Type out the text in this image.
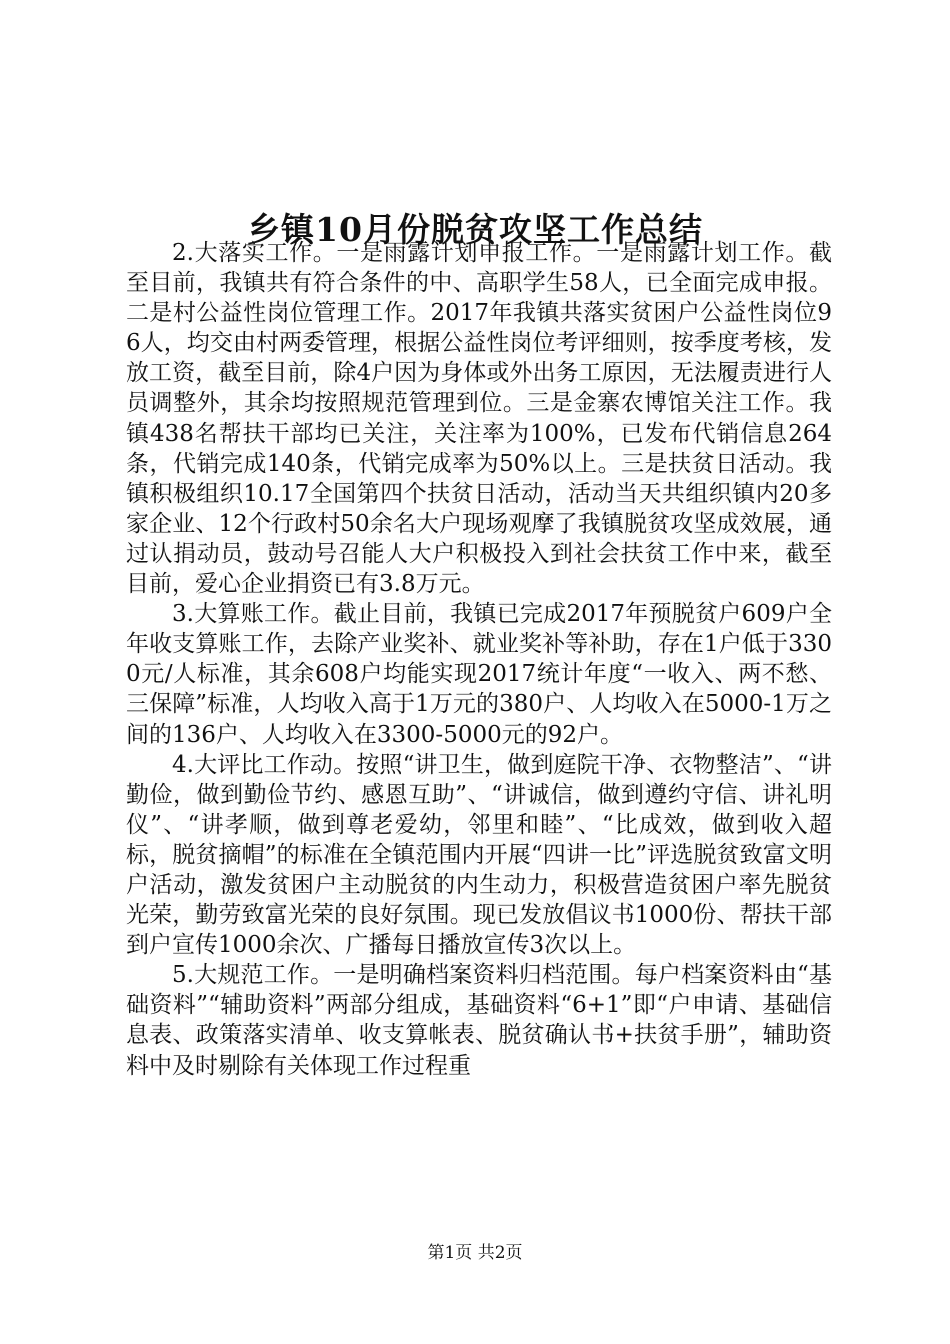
乡镇10月份脱贫攻坚工作总结

2.大落实工作。一是雨露计划申报工作。一是雨露计划工作。截至目前，我镇共有符合条件的中、高职学生58人，已全面完成申报。二是村公益性岗位管理工作。2017年我镇共落实贫困户公益性岗位96人，均交由村两委管理，根据公益性岗位考评细则，按季度考核，发放工资，截至目前，除4户因为身体或外出务工原因，无法履责进行人员调整外，其余均按照规范管理到位。三是金寨农博馆关注工作。我镇438名帮扶干部均已关注，关注率为100%，已发布代销信息264条，代销完成140条，代销完成率为50%以上。三是扶贫日活动。我镇积极组织10.17全国第四个扶贫日活动，活动当天共组织镇内20多家企业、12个行政村50余名大户现场观摩了我镇脱贫攻坚成效展，通过认捐动员，鼓动号召能人大户积极投入到社会扶贫工作中来，截至目前，爱心企业捐资已有3.8万元。

3.大算账工作。截止目前，我镇已完成2017年预脱贫户609户全年收支算账工作，去除产业奖补、就业奖补等补助，存在1户低于3300元/人标准，其余608户均能实现2017统计年度“一收入、两不愁、三保障”标准，人均收入高于1万元的380户、人均收入在5000-1万之间的136户、人均收入在3300-5000元的92户。

4.大评比工作动。按照“讲卫生，做到庭院干净、衣物整洁”、“讲勤俭，做到勤俭节约、感恩互助”、“讲诚信，做到遵约守信、讲礼明仪”、“讲孝顺，做到尊老爱幼，邻里和睦”、“比成效，做到收入超标，脱贫摘帽”的标准在全镇范围内开展“四讲一比”评选脱贫致富文明户活动，激发贫困户主动脱贫的内生动力，积极营造贫困户率先脱贫光荣，勤劳致富光荣的良好氛围。现已发放倡议书1000份、帮扶干部到户宣传1000余次、广播每日播放宣传3次以上。

5.大规范工作。一是明确档案资料归档范围。每户档案资料由“基础资料”“辅助资料”两部分组成，基础资料“6+1”即“户申请、基础信息表、政策落实清单、收支算帐表、脱贫确认书+扶贫手册”，辅助资料中及时剔除有关体现工作过程重

第1页 共2页
